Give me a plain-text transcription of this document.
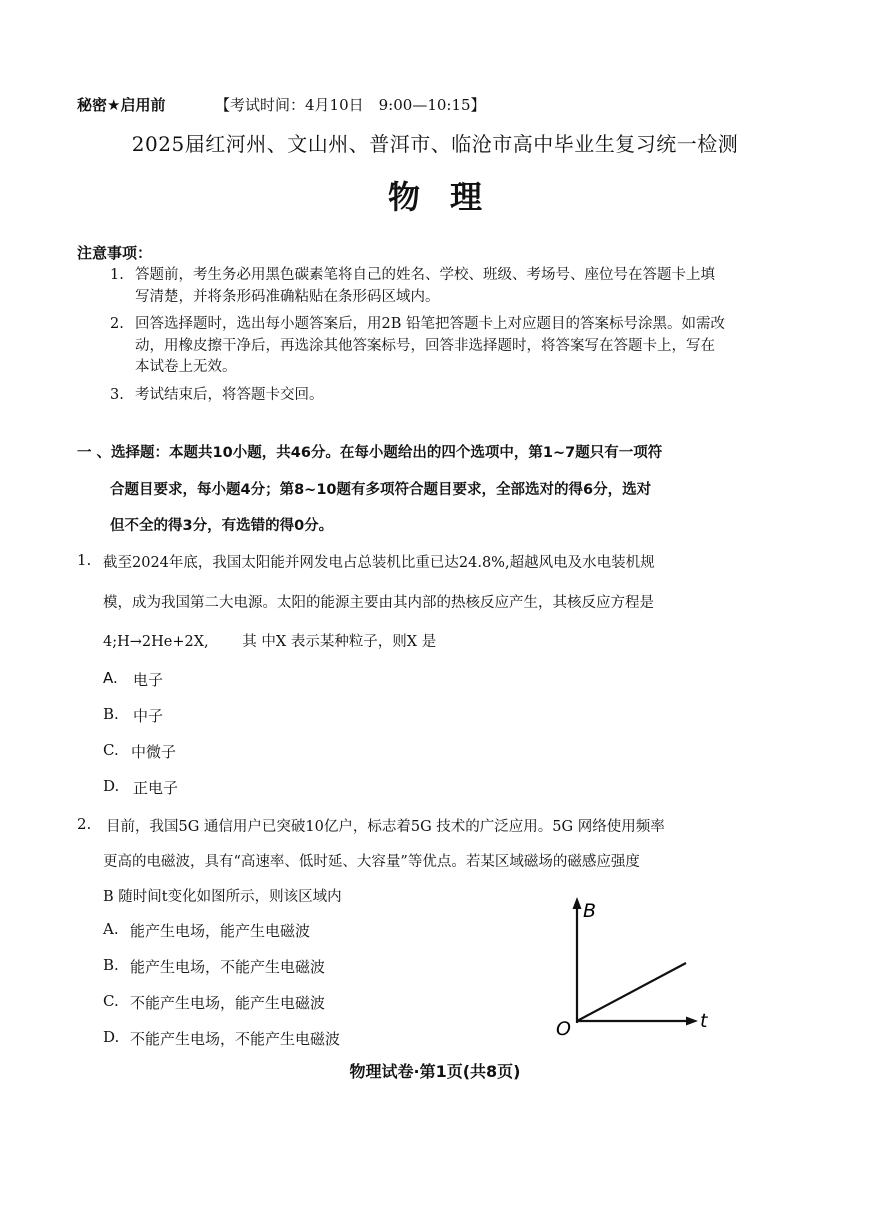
秘密★启用前	【考试时间：4月10日　9:00—10:15】
2025届红河州、文山州、普洱市、临沧市高中毕业生复习统一检测
物理
注意事项：
1. 答题前，考生务必用黑色碳素笔将自己的姓名、学校、班级、考场号、座位号在答题卡上填写清楚，并将条形码准确粘贴在条形码区域内。
2. 回答选择题时，选出每小题答案后，用2B 铅笔把答题卡上对应题目的答案标号涂黑。如需改动，用橡皮擦干净后，再选涂其他答案标号，回答非选择题时，将答案写在答题卡上，写在本试卷上无效。
3. 考试结束后，将答题卡交回。
一 、选择题：本题共10小题，共46分。在每小题给出的四个选项中，第1~7题只有一项符
合题目要求，每小题4分；第8~10题有多项符合题目要求，全部选对的得6分，选对
但不全的得3分，有选错的得0分。
1. 截至2024年底，我国太阳能并网发电占总装机比重已达24.8%,超越风电及水电装机规
模，成为我国第二大电源。太阳的能源主要由其内部的热核反应产生，其核反应方程是
4;H→2He+2X,　　 其 中X 表示某种粒子，则X 是
A. 电子
B. 中子
C. 中微子
D. 正电子
2. 目前，我国5G 通信用户已突破10亿户，标志着5G 技术的广泛应用。5G 网络使用频率
更高的电磁波，具有“高速率、低时延、大容量”等优点。若某区域磁场的磁感应强度
B 随时间t变化如图所示，则该区域内
A. 能产生电场，能产生电磁波
B. 能产生电场，不能产生电磁波
C. 不能产生电场，能产生电磁波
D. 不能产生电场，不能产生电磁波
B
t
O
物理试卷·第1页(共8页)
